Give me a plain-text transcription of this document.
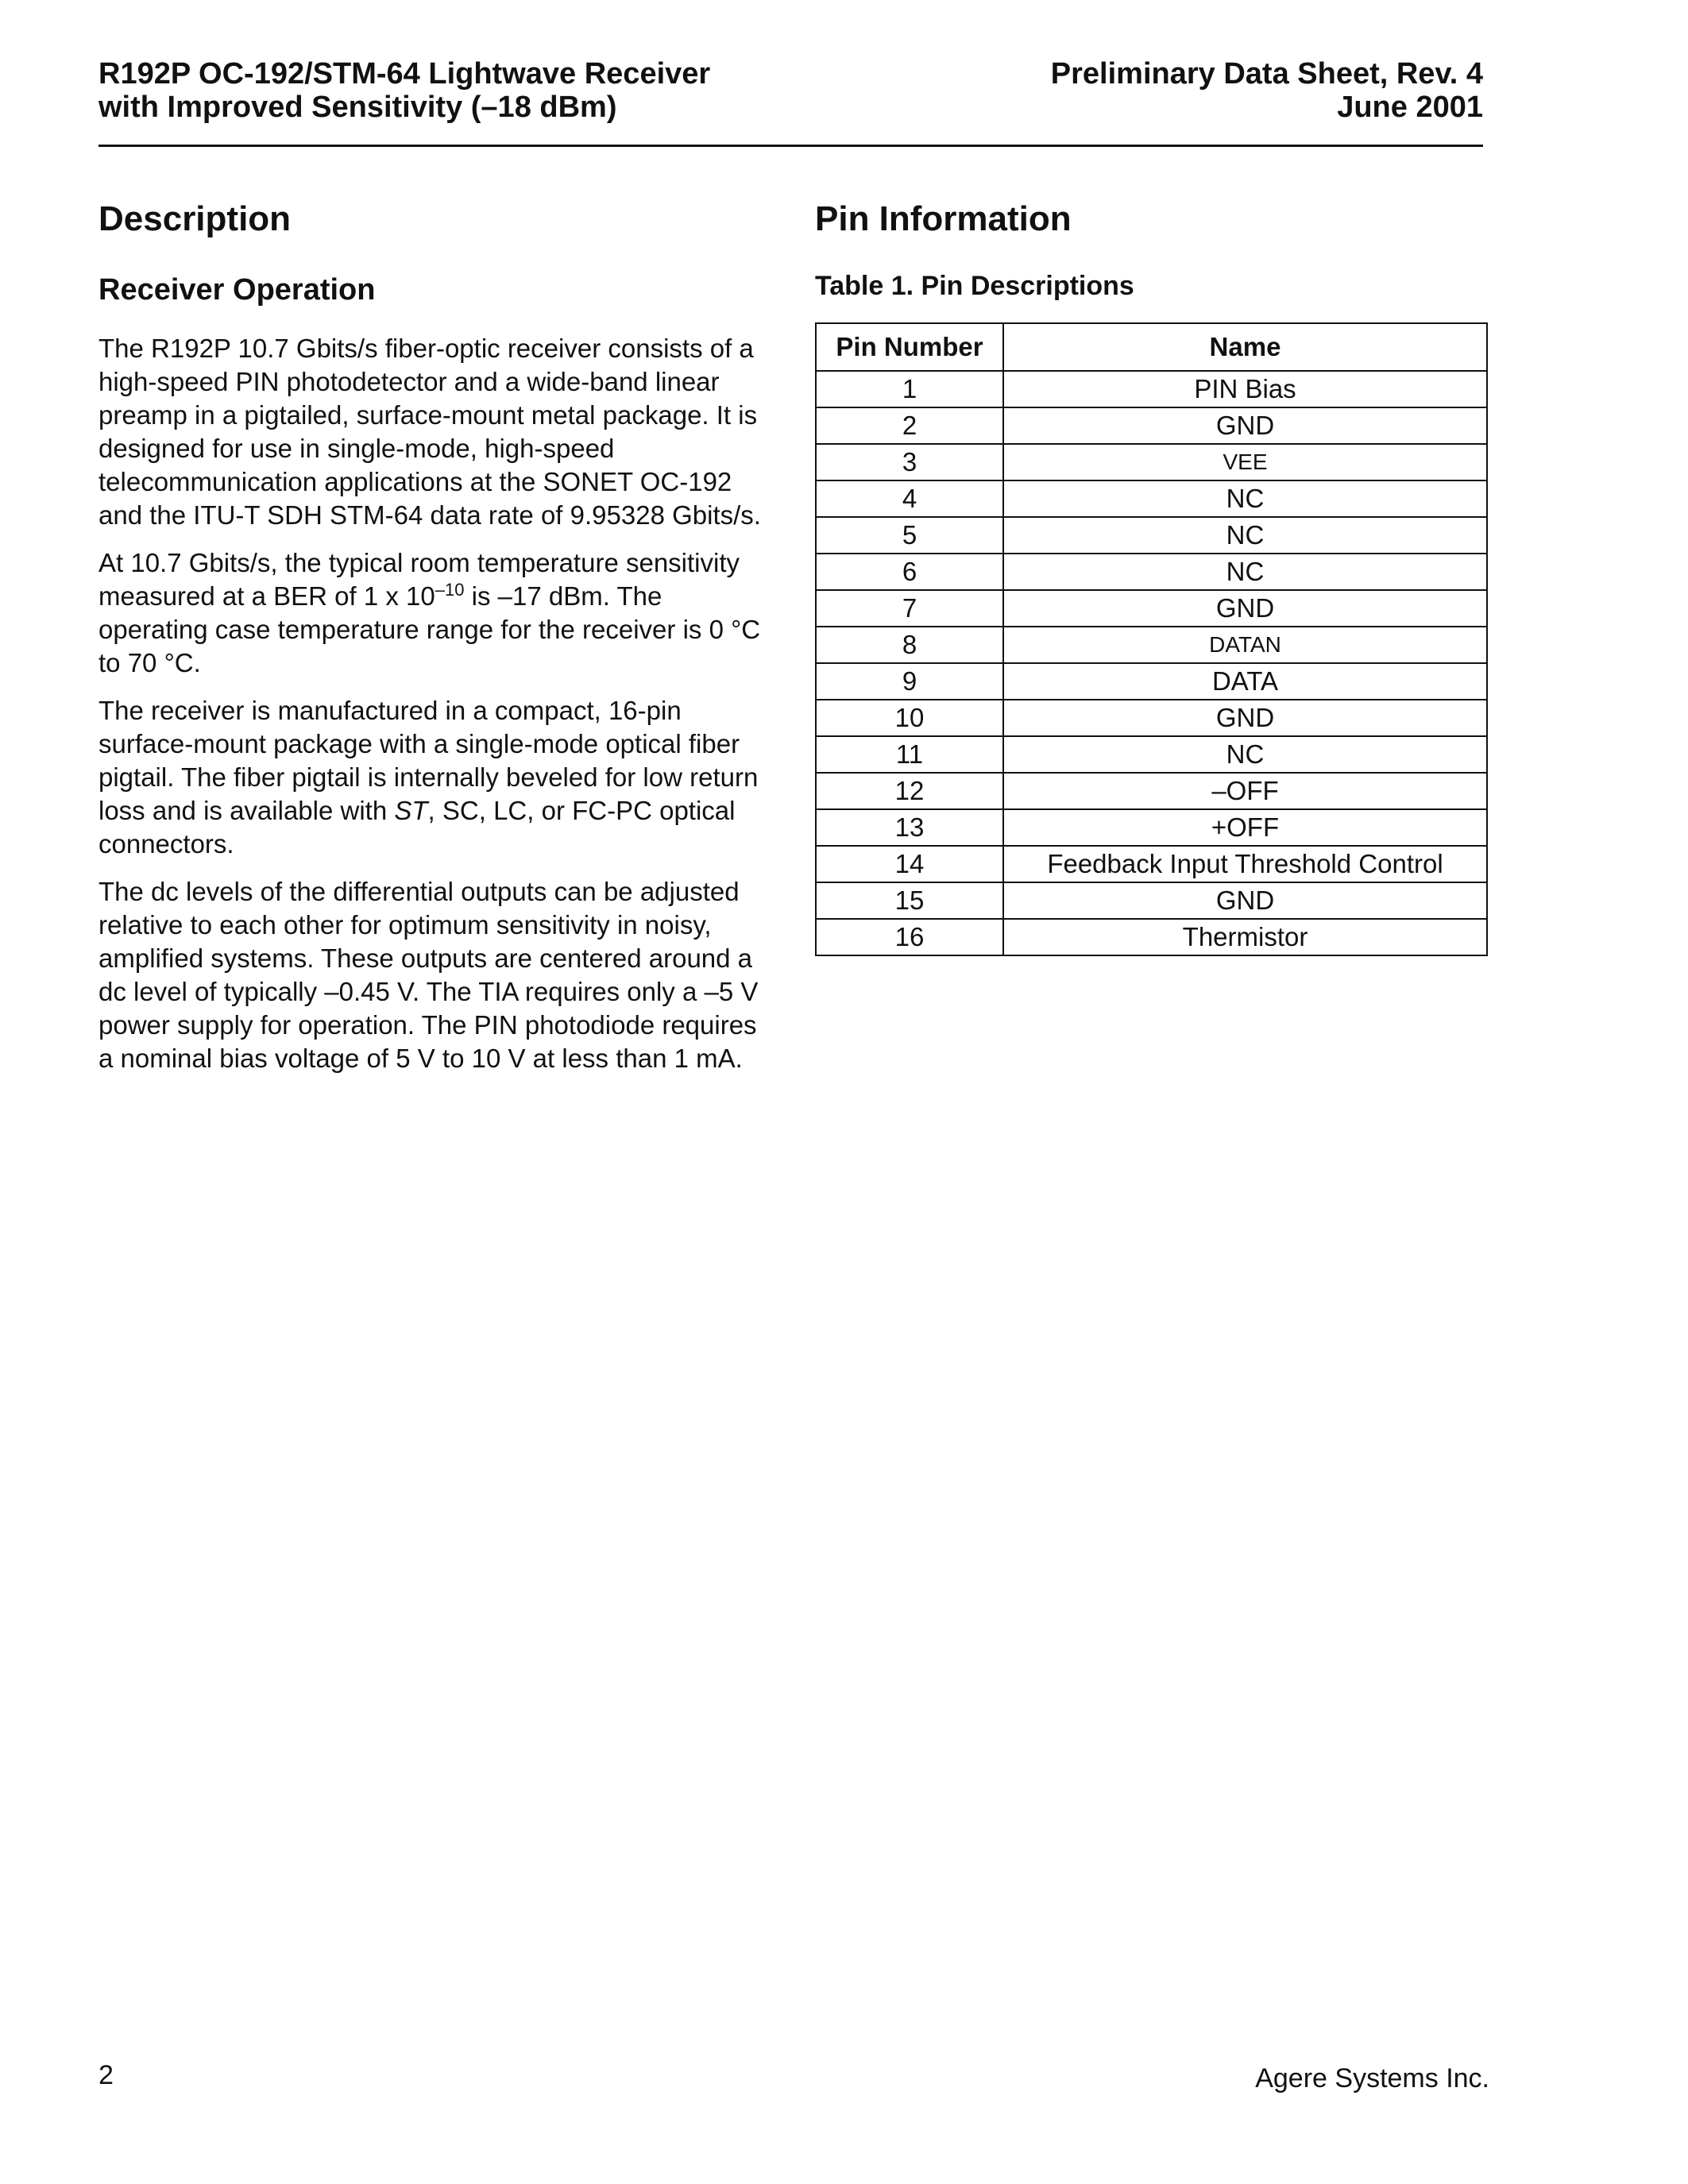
R192P OC-192/STM-64 Lightwave Receiver
with Improved Sensitivity (–18 dBm)
Preliminary Data Sheet, Rev. 4
June 2001
Description
Receiver Operation

The R192P 10.7 Gbits/s fiber-optic receiver consists of a high-speed PIN photodetector and a wide-band linear preamp in a pigtailed, surface-mount metal package. It is designed for use in single-mode, high-speed telecommunication applications at the SONET OC-192 and the ITU-T SDH STM-64 data rate of 9.95328 Gbits/s.

At 10.7 Gbits/s, the typical room temperature sensitivity measured at a BER of 1 x $10^{-10}$ is –17 dBm. The operating case temperature range for the receiver is 0 °C to 70 °C.

The receiver is manufactured in a compact, 16-pin surface-mount package with a single-mode optical fiber pigtail. The fiber pigtail is internally beveled for low return loss and is available with ST, SC, LC, or FC-PC optical connectors.

The dc levels of the differential outputs can be adjusted relative to each other for optimum sensitivity in noisy, amplified systems. These outputs are centered around a dc level of typically –0.45 V. The TIA requires only a –5 V power supply for operation. The PIN photodiode requires a nominal bias voltage of 5 V to 10 V at less than 1 mA.

Pin Information
Table 1. Pin Descriptions
Pin Number	Name
1	PIN Bias
2	GND
3	VEE
4	NC
5	NC
6	NC
7	GND
8	DATAN
9	DATA
10	GND
11	NC
12	–OFF
13	+OFF
14	Feedback Input Threshold Control
15	GND
16	Thermistor
2	Agere Systems Inc.
